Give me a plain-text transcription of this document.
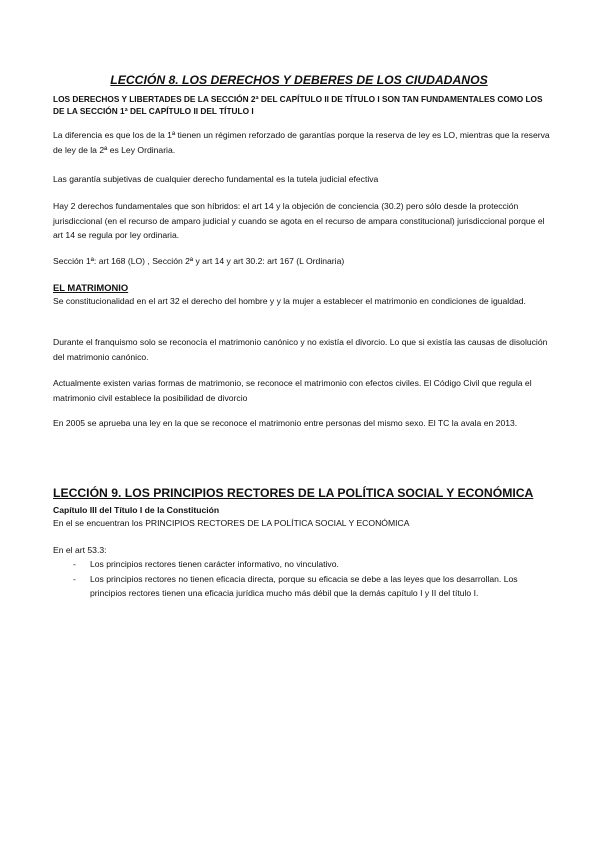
LECCIÓN 8. LOS DERECHOS Y DEBERES DE LOS CIUDADANOS
LOS DERECHOS Y LIBERTADES DE LA SECCIÓN 2ª DEL CAPÍTULO II DE TÍTULO I SON TAN FUNDAMENTALES COMO LOS DE LA SECCIÓN 1ª DEL CAPÍTULO II DEL TÍTULO I
La diferencia es que los de la 1ª tienen un régimen reforzado de garantías porque la reserva de ley es LO, mientras que la reserva de ley de la 2ª es Ley Ordinaria.
Las garantía subjetivas de cualquier derecho fundamental es la tutela judicial efectiva
Hay 2 derechos fundamentales que son híbridos: el art 14 y la objeción de conciencia (30.2) pero sólo desde la protección jurisdiccional (en el recurso de amparo judicial y cuando se agota en el recurso de ampara constitucional) jurisdiccional porque el art 14 se regula por ley ordinaria.
Sección 1ª: art 168 (LO) , Sección 2ª y art 14 y art 30.2: art 167 (L Ordinaria)
EL MATRIMONIO
Se constitucionalidad en el art 32 el derecho del hombre y y la mujer a establecer el matrimonio en condiciones de igualdad.
Durante el franquismo solo se reconocía el matrimonio canónico y no existía el divorcio. Lo que si existía las causas de disolución del matrimonio canónico.
Actualmente existen varias formas de matrimonio, se reconoce el matrimonio con efectos civiles. El Código Civil que regula el matrimonio civil establece la posibilidad de divorcio
En 2005 se aprueba una ley en la que se reconoce el matrimonio entre personas del mismo sexo. El TC la avala en 2013.
LECCIÓN 9. LOS PRINCIPIOS RECTORES DE LA POLÍTICA SOCIAL Y ECONÓMICA
Capítulo III del Título I de la Constitución
En el se encuentran los PRINCIPIOS RECTORES DE LA POLÍTICA SOCIAL Y ECONÓMICA
En el art 53.3:
- Los principios rectores tienen carácter informativo, no vinculativo.
- Los principios rectores no tienen eficacia directa, porque su eficacia se debe a las leyes que los desarrollan. Los principios rectores tienen una eficacia jurídica mucho más débil que la demás capítulo I y II del título I.
